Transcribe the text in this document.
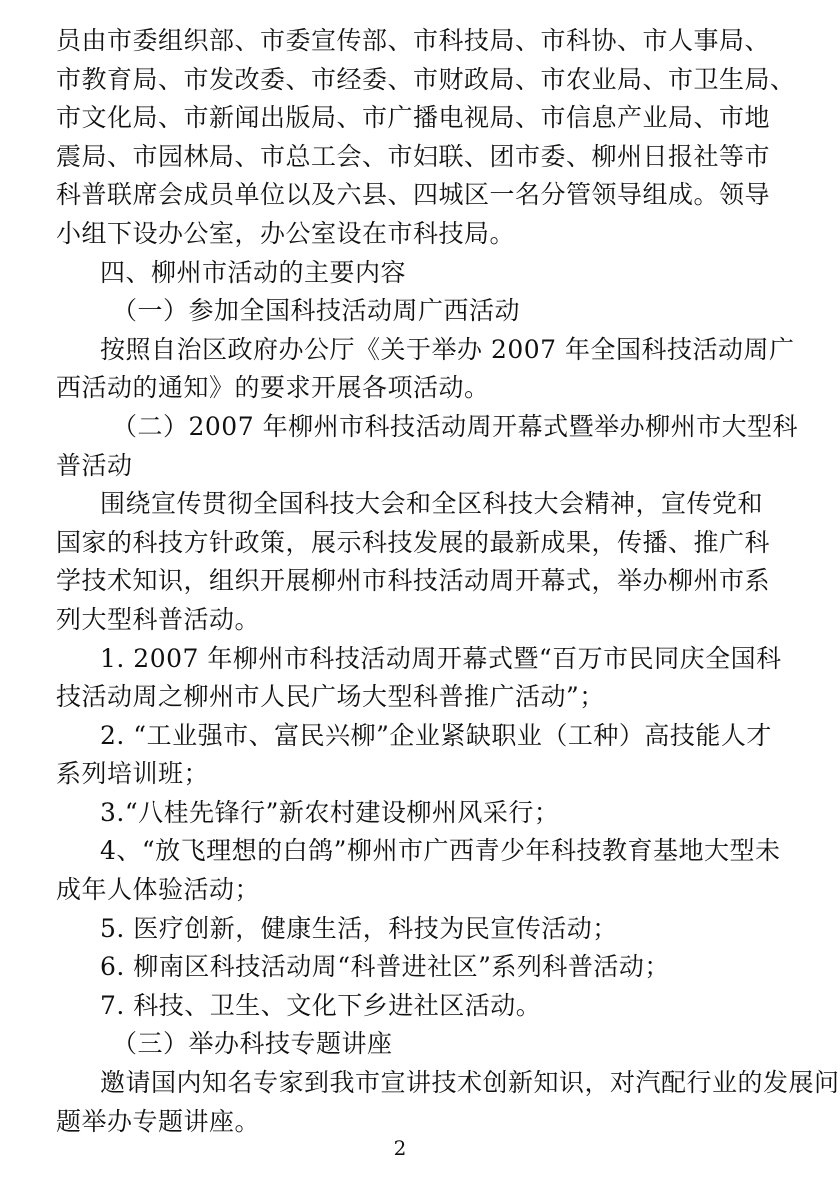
员由市委组织部、市委宣传部、市科技局、市科协、市人事局、
市教育局、市发改委、市经委、市财政局、市农业局、市卫生局、
市文化局、市新闻出版局、市广播电视局、市信息产业局、市地
震局、市园林局、市总工会、市妇联、团市委、柳州日报社等市
科普联席会成员单位以及六县、四城区一名分管领导组成。领导
小组下设办公室，办公室设在市科技局。
四、柳州市活动的主要内容
（一）参加全国科技活动周广西活动
按照自治区政府办公厅《关于举办 2007 年全国科技活动周广
西活动的通知》的要求开展各项活动。
（二）2007 年柳州市科技活动周开幕式暨举办柳州市大型科
普活动
围绕宣传贯彻全国科技大会和全区科技大会精神，宣传党和
国家的科技方针政策，展示科技发展的最新成果，传播、推广科
学技术知识，组织开展柳州市科技活动周开幕式，举办柳州市系
列大型科普活动。
1. 2007 年柳州市科技活动周开幕式暨“百万市民同庆全国科
技活动周之柳州市人民广场大型科普推广活动”；
2. “工业强市、富民兴柳”企业紧缺职业（工种）高技能人才
系列培训班；
3.“八桂先锋行”新农村建设柳州风采行；
4、“放飞理想的白鸽”柳州市广西青少年科技教育基地大型未
成年人体验活动；
5. 医疗创新，健康生活，科技为民宣传活动；
6. 柳南区科技活动周“科普进社区”系列科普活动；
7. 科技、卫生、文化下乡进社区活动。
（三）举办科技专题讲座
邀请国内知名专家到我市宣讲技术创新知识，对汽配行业的发展问
题举办专题讲座。
2
